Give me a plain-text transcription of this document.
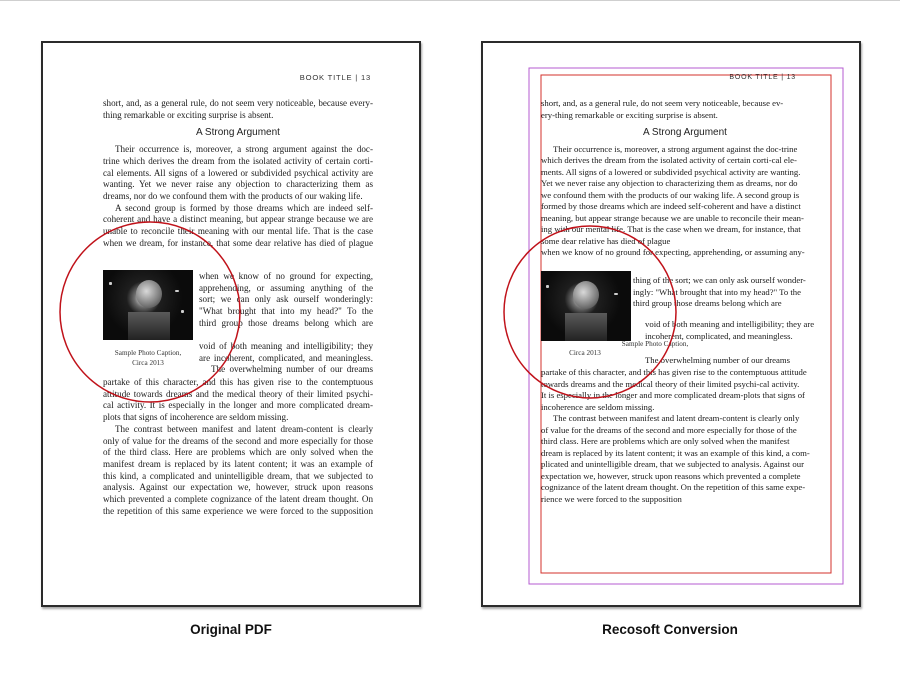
BOOK TITLE | 13

short, and, as a general rule, do not seem very noticeable, because every-

thing remarkable or exciting surprise is absent.

A Strong Argument

Their occurrence is, moreover, a strong argument against the doc-

trine which derives the dream from the isolated activity of certain corti-

cal elements. All signs of a lowered or subdivided psychical activity are

wanting. Yet we never raise any objection to characterizing them as

dreams, nor do we confound them with the products of our waking life.

A second group is formed by those dreams which are indeed self-

coherent and have a distinct meaning, but appear strange because we are

unable to reconcile their meaning with our mental life. That is the case

when we dream, for instance, that some dear relative has died of plague

Sample Photo Caption,
Circa 2013

when we know of no ground for expecting,

apprehending, or assuming anything of the

sort; we can only ask ourself wonderingly:

"What brought that into my head?" To the

third group those dreams belong which are

void of both meaning and intelligibility; they

are incoherent, complicated, and meaningless.

The overwhelming number of our dreams

partake of this character, and this has given rise to the contemptuous

attitude towards dreams and the medical theory of their limited psychi-

cal activity. It is especially in the longer and more complicated dream-

plots that signs of incoherence are seldom missing.

The contrast between manifest and latent dream-content is clearly

only of value for the dreams of the second and more especially for those

of the third class. Here are problems which are only solved when the

manifest dream is replaced by its latent content; it was an example of

this kind, a complicated and unintelligible dream, that we subjected to

analysis. Against our expectation we, however, struck upon reasons

which prevented a complete cognizance of the latent dream thought. On

the repetition of this same experience we were forced to the supposition

BOOK TITLE | 13

short, and, as a general rule, do not seem very noticeable, because ev-

ery-thing remarkable or exciting surprise is absent.

A Strong Argument

Their occurrence is, moreover, a strong argument against the doc-trine

which derives the dream from the isolated activity of certain corti-cal ele-

ments. All signs of a lowered or subdivided psychical activity are wanting.

Yet we never raise any objection to characterizing them as dreams, nor do

we confound them with the products of our waking life. A second group is

formed by those dreams which are indeed self-coherent and have a distinct

meaning, but appear strange because we are unable to reconcile their mean-

ing with our mental life. That is the case when we dream, for instance, that

some dear relative has died of plague

when we know of no ground for expecting, apprehending, or assuming any-

thing of the sort; we can only ask ourself wonder-

ingly: "What brought that into my head?" To the

third group those dreams belong which are

void of both meaning and intelligibility; they are

incoherent, complicated, and meaningless.

Sample Photo Caption,
Circa 2013

The overwhelming number of our dreams

partake of this character, and this has given rise to the contemptuous attitude

towards dreams and the medical theory of their limited psychi-cal activity.

It is especially in the longer and more complicated dream-plots that signs of

incoherence are seldom missing.

The contrast between manifest and latent dream-content is clearly only

of value for the dreams of the second and more especially for those of the

third class. Here are problems which are only solved when the manifest

dream is replaced by its latent content; it was an example of this kind, a com-

plicated and unintelligible dream, that we subjected to analysis. Against our

expectation we, however, struck upon reasons which prevented a complete

cognizance of the latent dream thought. On the repetition of this same expe-

rience we were forced to the supposition

Original PDF	Recosoft Conversion
